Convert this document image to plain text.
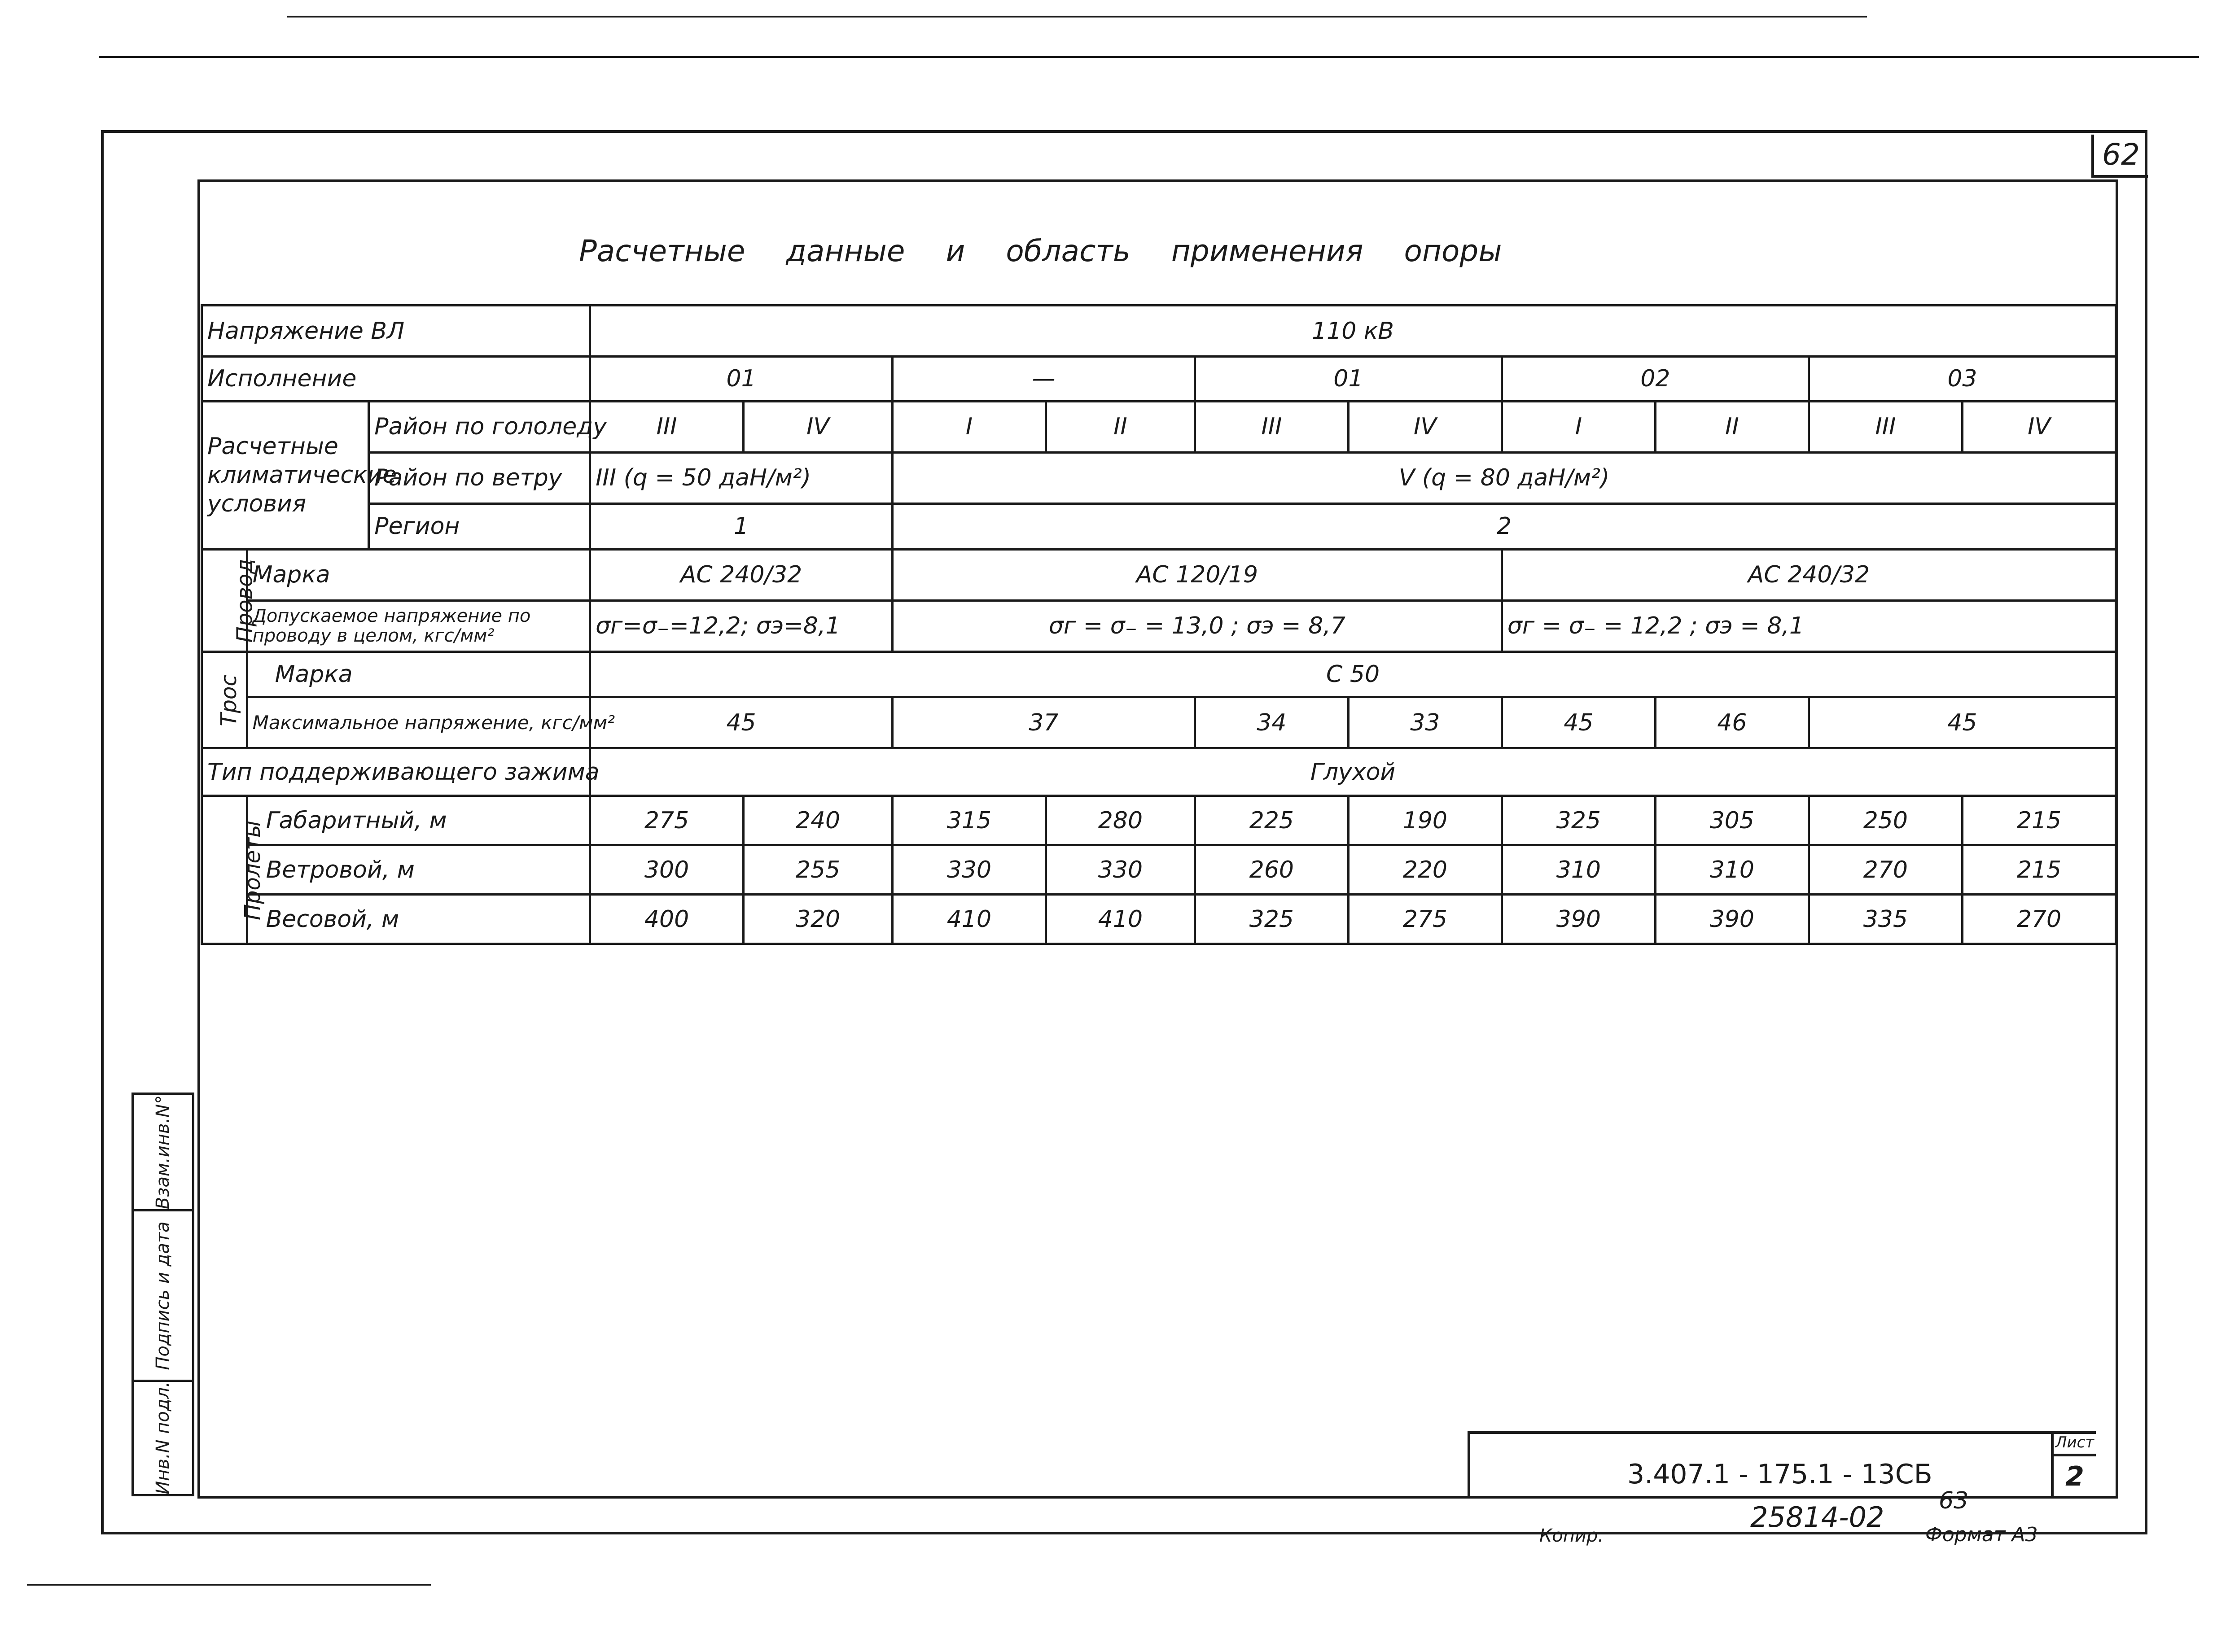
62
Расчетные данные и область применения опоры
Напряжение ВЛ			110 кВ									
Исполнение			01		—		01		02		03	
Расчетные климатические условия		Район по гололеду	III	IV	I	II	III	IV	I	II	III	IV
		Район по ветру	III (q = 50 даН/м²)		V (q = 80 даН/м²)							
		Регион	1		2							
Провод	Марка		АС 240/32		АС 120/19				АС 240/32			
	Допускаемое напряжение по проводу в целом, кгс/мм²		σг=σ₋=12,2; σэ=8,1		σг = σ₋ = 13,0 ; σэ = 8,7				σг = σ₋ = 12,2 ; σэ = 8,1			
Трос	Марка		С 50									
	Максимальное напряжение, кгс/мм²		45		37		34	33	45	46	45	
Тип поддерживающего зажима			Глухой									
Пролеты	Габаритный, м		275	240	315	280	225	190	325	305	250	215
	Ветровой, м		300	255	330	330	260	220	310	310	270	215
	Весовой, м		400	320	410	410	325	275	390	390	335	270
Взам.инв.N°
Подпись и дата
Инв.N подл.	3.407.1 - 175.1 - 13СБ
Лист
2
25814-02 63
Копир.	Формат А3
